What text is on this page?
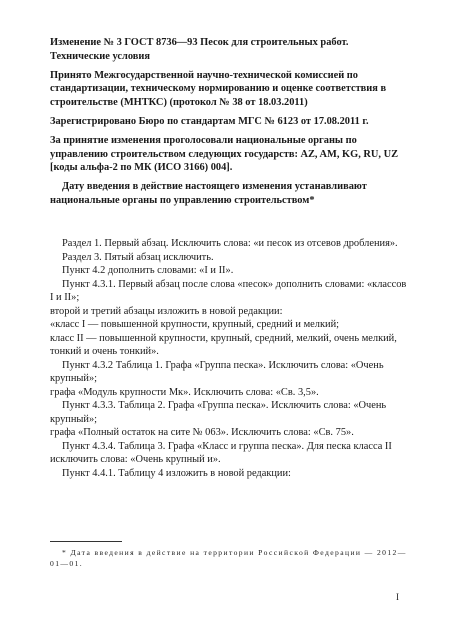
Изменение № 3 ГОСТ 8736—93 Песок для строительных работ. Технические условия

Принято Межгосударственной научно-технической комиссией по стандартизации, техническому нормированию и оценке соответствия в строительстве (МНТКС) (протокол № 38 от 18.03.2011)

Зарегистрировано Бюро по стандартам МГС № 6123 от 17.08.2011 г.

За принятие изменения проголосовали национальные органы по управлению строительством следующих государств: AZ, AM, KG, RU, UZ [коды альфа-2 по МК (ИСО 3166) 004].

Дату введения в действие настоящего изменения устанавливают национальные органы по управлению строительством*

Раздел 1. Первый абзац. Исключить слова: «и песок из отсевов дробления».

Раздел 3. Пятый абзац исключить.

Пункт 4.2 дополнить словами: «I и II».

Пункт 4.3.1. Первый абзац после слова «песок» дополнить словами: «классов I и II»;

второй и третий абзацы изложить в новой редакции:

«класс I — повышенной крупности, крупный, средний и мелкий;

класс II — повышенной крупности, крупный, средний, мелкий, очень мелкий, тонкий и очень тонкий».

Пункт 4.3.2 Таблица 1. Графа «Группа песка». Исключить слова: «Очень крупный»;

графа «Модуль крупности Mк». Исключить слова: «Св. 3,5».

Пункт 4.3.3. Таблица 2. Графа «Группа песка». Исключить слова: «Очень крупный»;

графа «Полный остаток на сите № 063». Исключить слова: «Св. 75».

Пункт 4.3.4. Таблица 3. Графа «Класс и группа песка». Для песка класса II исключить слова: «Очень крупный и».

Пункт 4.4.1. Таблицу 4 изложить в новой редакции:

* Дата введения в действие на территории Российской Федерации — 2012—01—01.

I
